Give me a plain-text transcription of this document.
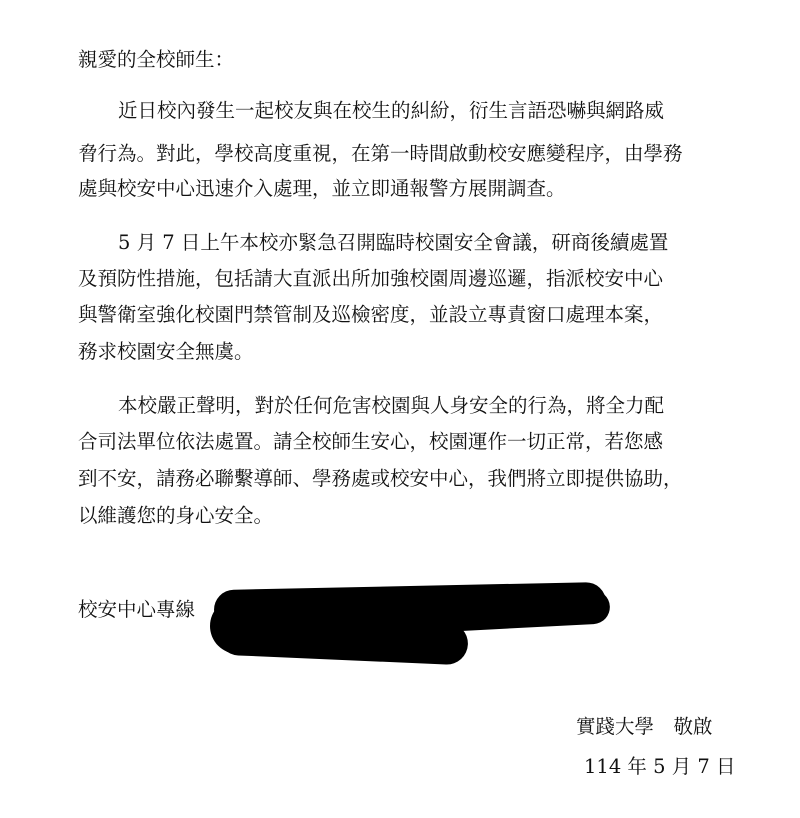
親愛的全校師生：
近日校內發生一起校友與在校生的糾紛，衍生言語恐嚇與網路威
脅行為。對此，學校高度重視，在第一時間啟動校安應變程序，由學務
處與校安中心迅速介入處理，並立即通報警方展開調查。
5 月 7 日上午本校亦緊急召開臨時校園安全會議，研商後續處置
及預防性措施，包括請大直派出所加強校園周邊巡邏，指派校安中心
與警衛室強化校園門禁管制及巡檢密度，並設立專責窗口處理本案，
務求校園安全無虞。
本校嚴正聲明，對於任何危害校園與人身安全的行為，將全力配
合司法單位依法處置。請全校師生安心，校園運作一切正常，若您感
到不安，請務必聯繫導師、學務處或校安中心，我們將立即提供協助，
以維護您的身心安全。
校安中心專線
實踐大學　敬啟
114 年 5 月 7 日
